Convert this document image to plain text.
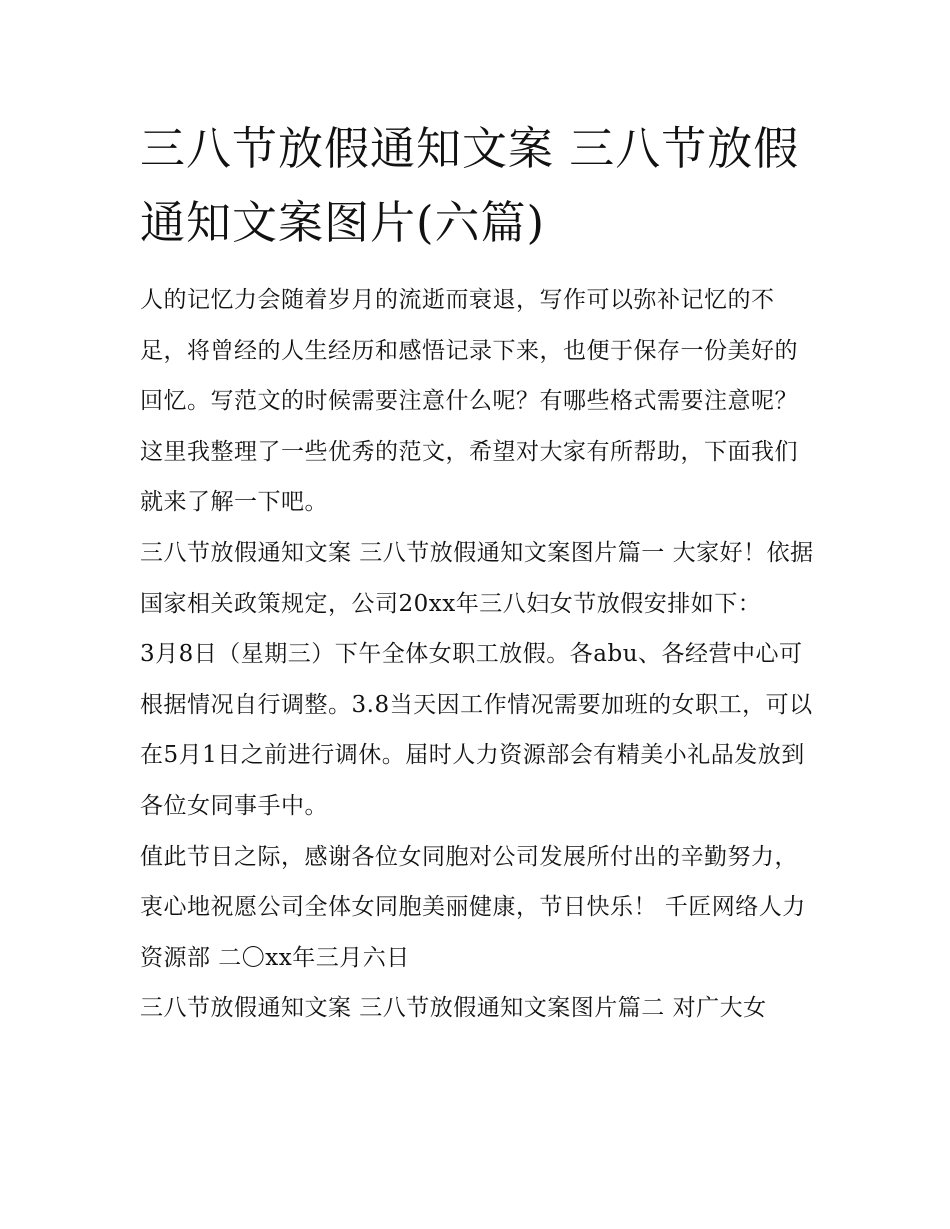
三八节放假通知文案 三八节放假通知文案图片(六篇)

人的记忆力会随着岁月的流逝而衰退，写作可以弥补记忆的不足，将曾经的人生经历和感悟记录下来，也便于保存一份美好的回忆。写范文的时候需要注意什么呢？有哪些格式需要注意呢？这里我整理了一些优秀的范文，希望对大家有所帮助，下面我们就来了解一下吧。

三八节放假通知文案 三八节放假通知文案图片篇一 大家好！依据国家相关政策规定，公司20xx年三八妇女节放假安排如下：

3月8日（星期三）下午全体女职工放假。各abu、各经营中心可根据情况自行调整。3.8当天因工作情况需要加班的女职工，可以在5月1日之前进行调休。届时人力资源部会有精美小礼品发放到各位女同事手中。

值此节日之际，感谢各位女同胞对公司发展所付出的辛勤努力，衷心地祝愿公司全体女同胞美丽健康，节日快乐！ 千匠网络人力资源部 二〇xx年三月六日

三八节放假通知文案 三八节放假通知文案图片篇二 对广大女
